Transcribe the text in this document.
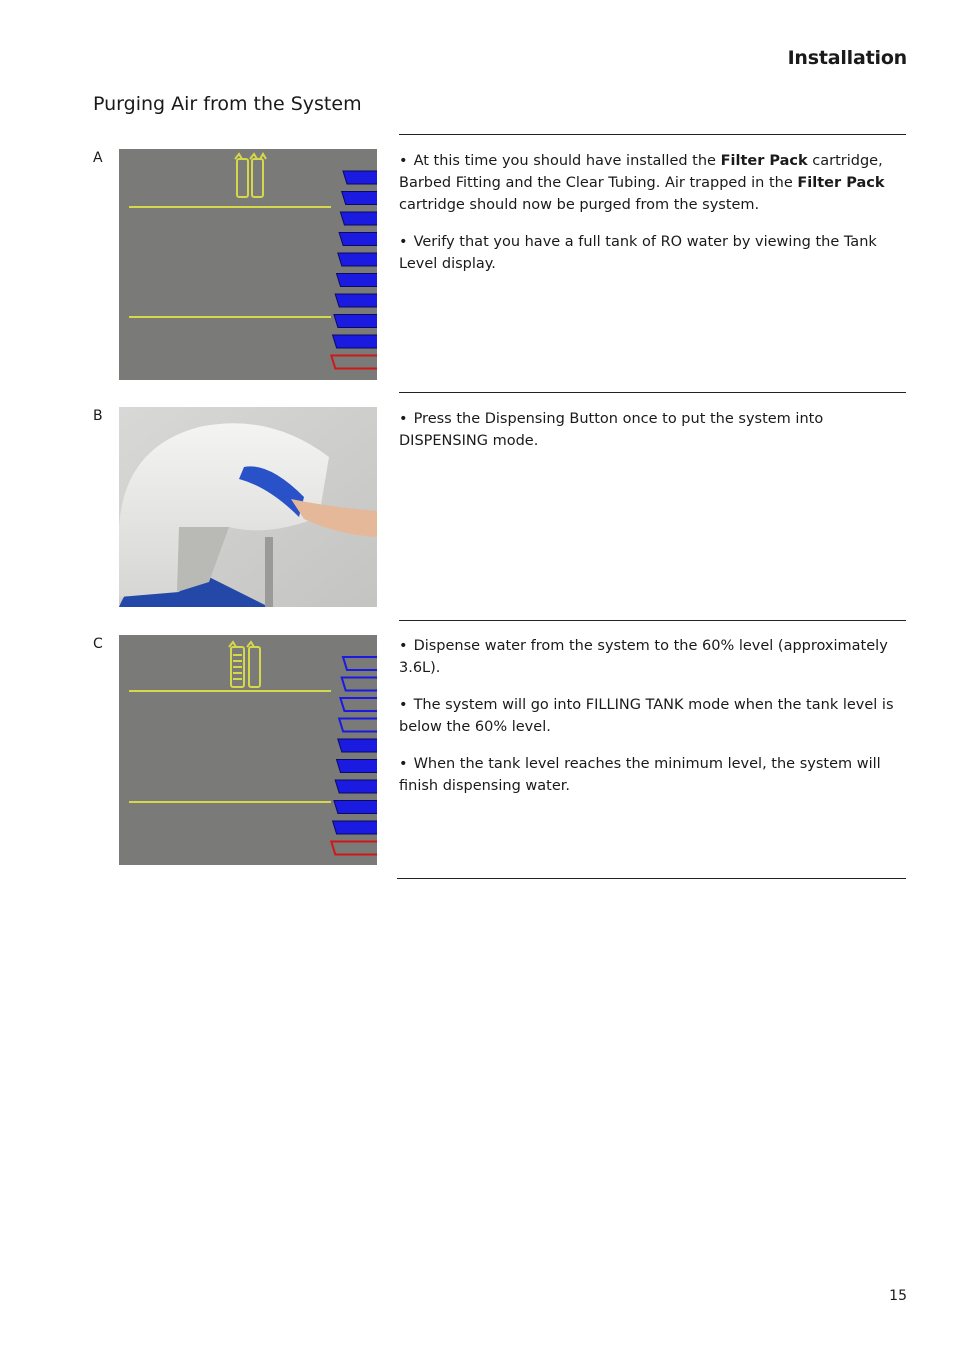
Installation
Purging Air from the System
A	• At this time you should have installed the Filter Pack cartridge, Barbed Fitting and the Clear Tubing. Air trapped in the Filter Pack cartridge should now be purged from the system.

• Verify that you have a full tank of RO water by viewing the Tank Level display.

B	• Press the Dispensing Button once to put the system into DISPENSING mode.

C	• Dispense water from the system to the 60% level (approximately 3.6L).

• The system will go into FILLING TANK mode when the tank level is below the 60% level.

• When the tank level reaches the minimum level, the system will finish dispensing water.

15
